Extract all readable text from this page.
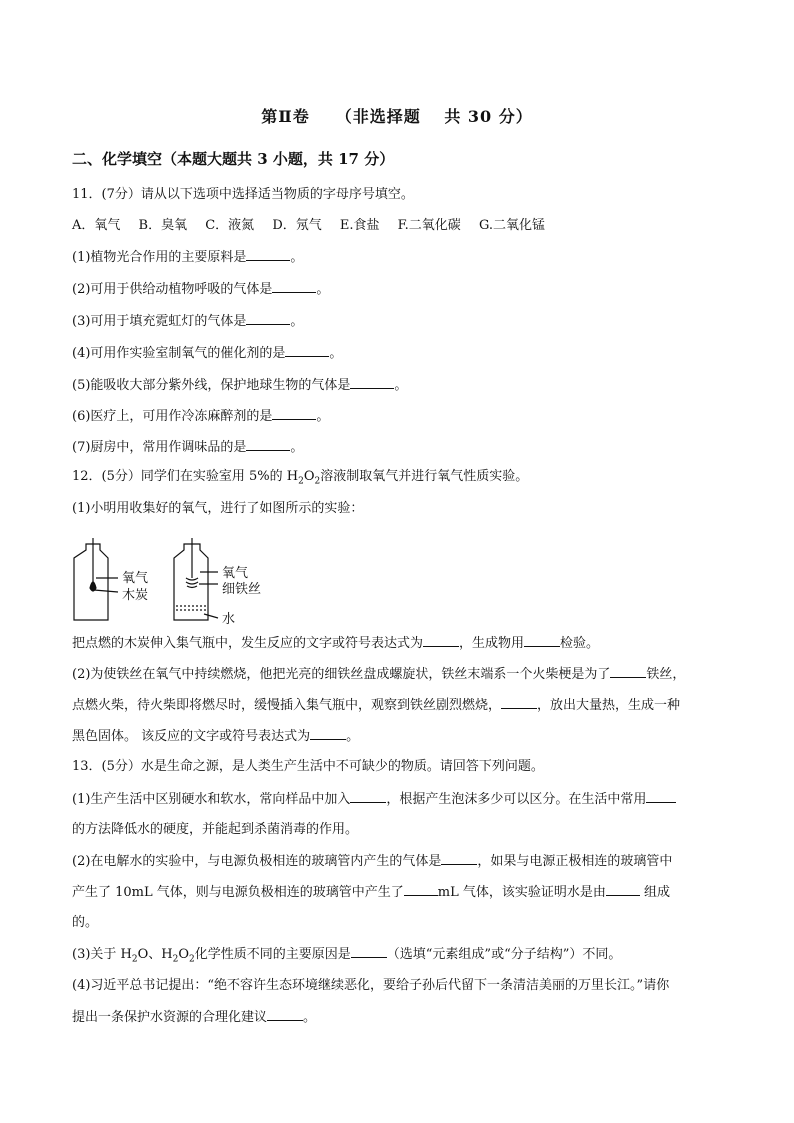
第Ⅱ卷　　（非选择题　 共 30 分）
二、化学填空（本题大题共 3 小题，共 17 分）
11．(7分）请从以下选项中选择适当物质的字母序号填空。
A．氧气 B．臭氧 C．液氮 D．氖气 E.食盐 F.二氧化碳 G.二氧化锰
(1)植物光合作用的主要原料是	。
(2)可用于供给动植物呼吸的气体是	。
(3)可用于填充霓虹灯的气体是	。
(4)可用作实验室制氧气的催化剂的是	。
(5)能吸收大部分紫外线，保护地球生物的气体是	。
(6)医疗上，可用作冷冻麻醉剂的是	。
(7)厨房中，常用作调味品的是	。
12．(5分）同学们在实验室用 5%的 $H_2O_2$溶液制取氧气并进行氧气性质实验。
(1)小明用收集好的氧气，进行了如图所示的实验：
氧气
木炭
氧气
细铁丝
水
把点燃的木炭伸入集气瓶中，发生反应的文字或符号表达式为	，生成物用	检验。
(2)为使铁丝在氧气中持续燃烧，他把光亮的细铁丝盘成螺旋状，铁丝末端系一个火柴梗是为了	铁丝，
点燃火柴，待火柴即将燃尽时，缓慢插入集气瓶中，观察到铁丝剧烈燃烧，	，放出大量热，生成一种
黑色固体。 该反应的文字或符号表达式为	。
13．(5分）水是生命之源，是人类生产生活中不可缺少的物质。请回答下列问题。
(1)生产生活中区别硬水和软水，常向样品中加入	，根据产生泡沫多少可以区分。在生活中常用
的方法降低水的硬度，并能起到杀菌消毒的作用。
(2)在电解水的实验中，与电源负极相连的玻璃管内产生的气体是	，如果与电源正极相连的玻璃管中
产生了 10mL 气体，则与电源负极相连的玻璃管中产生了	mL 气体，该实验证明水是由	组成
的。
(3)关于 $H_2O$、$H_2O_2$化学性质不同的主要原因是	（选填“元素组成”或“分子结构”）不同。
(4)习近平总书记提出：“绝不容许生态环境继续恶化，要给子孙后代留下一条清洁美丽的万里长江。”请你
提出一条保护水资源的合理化建议	。
